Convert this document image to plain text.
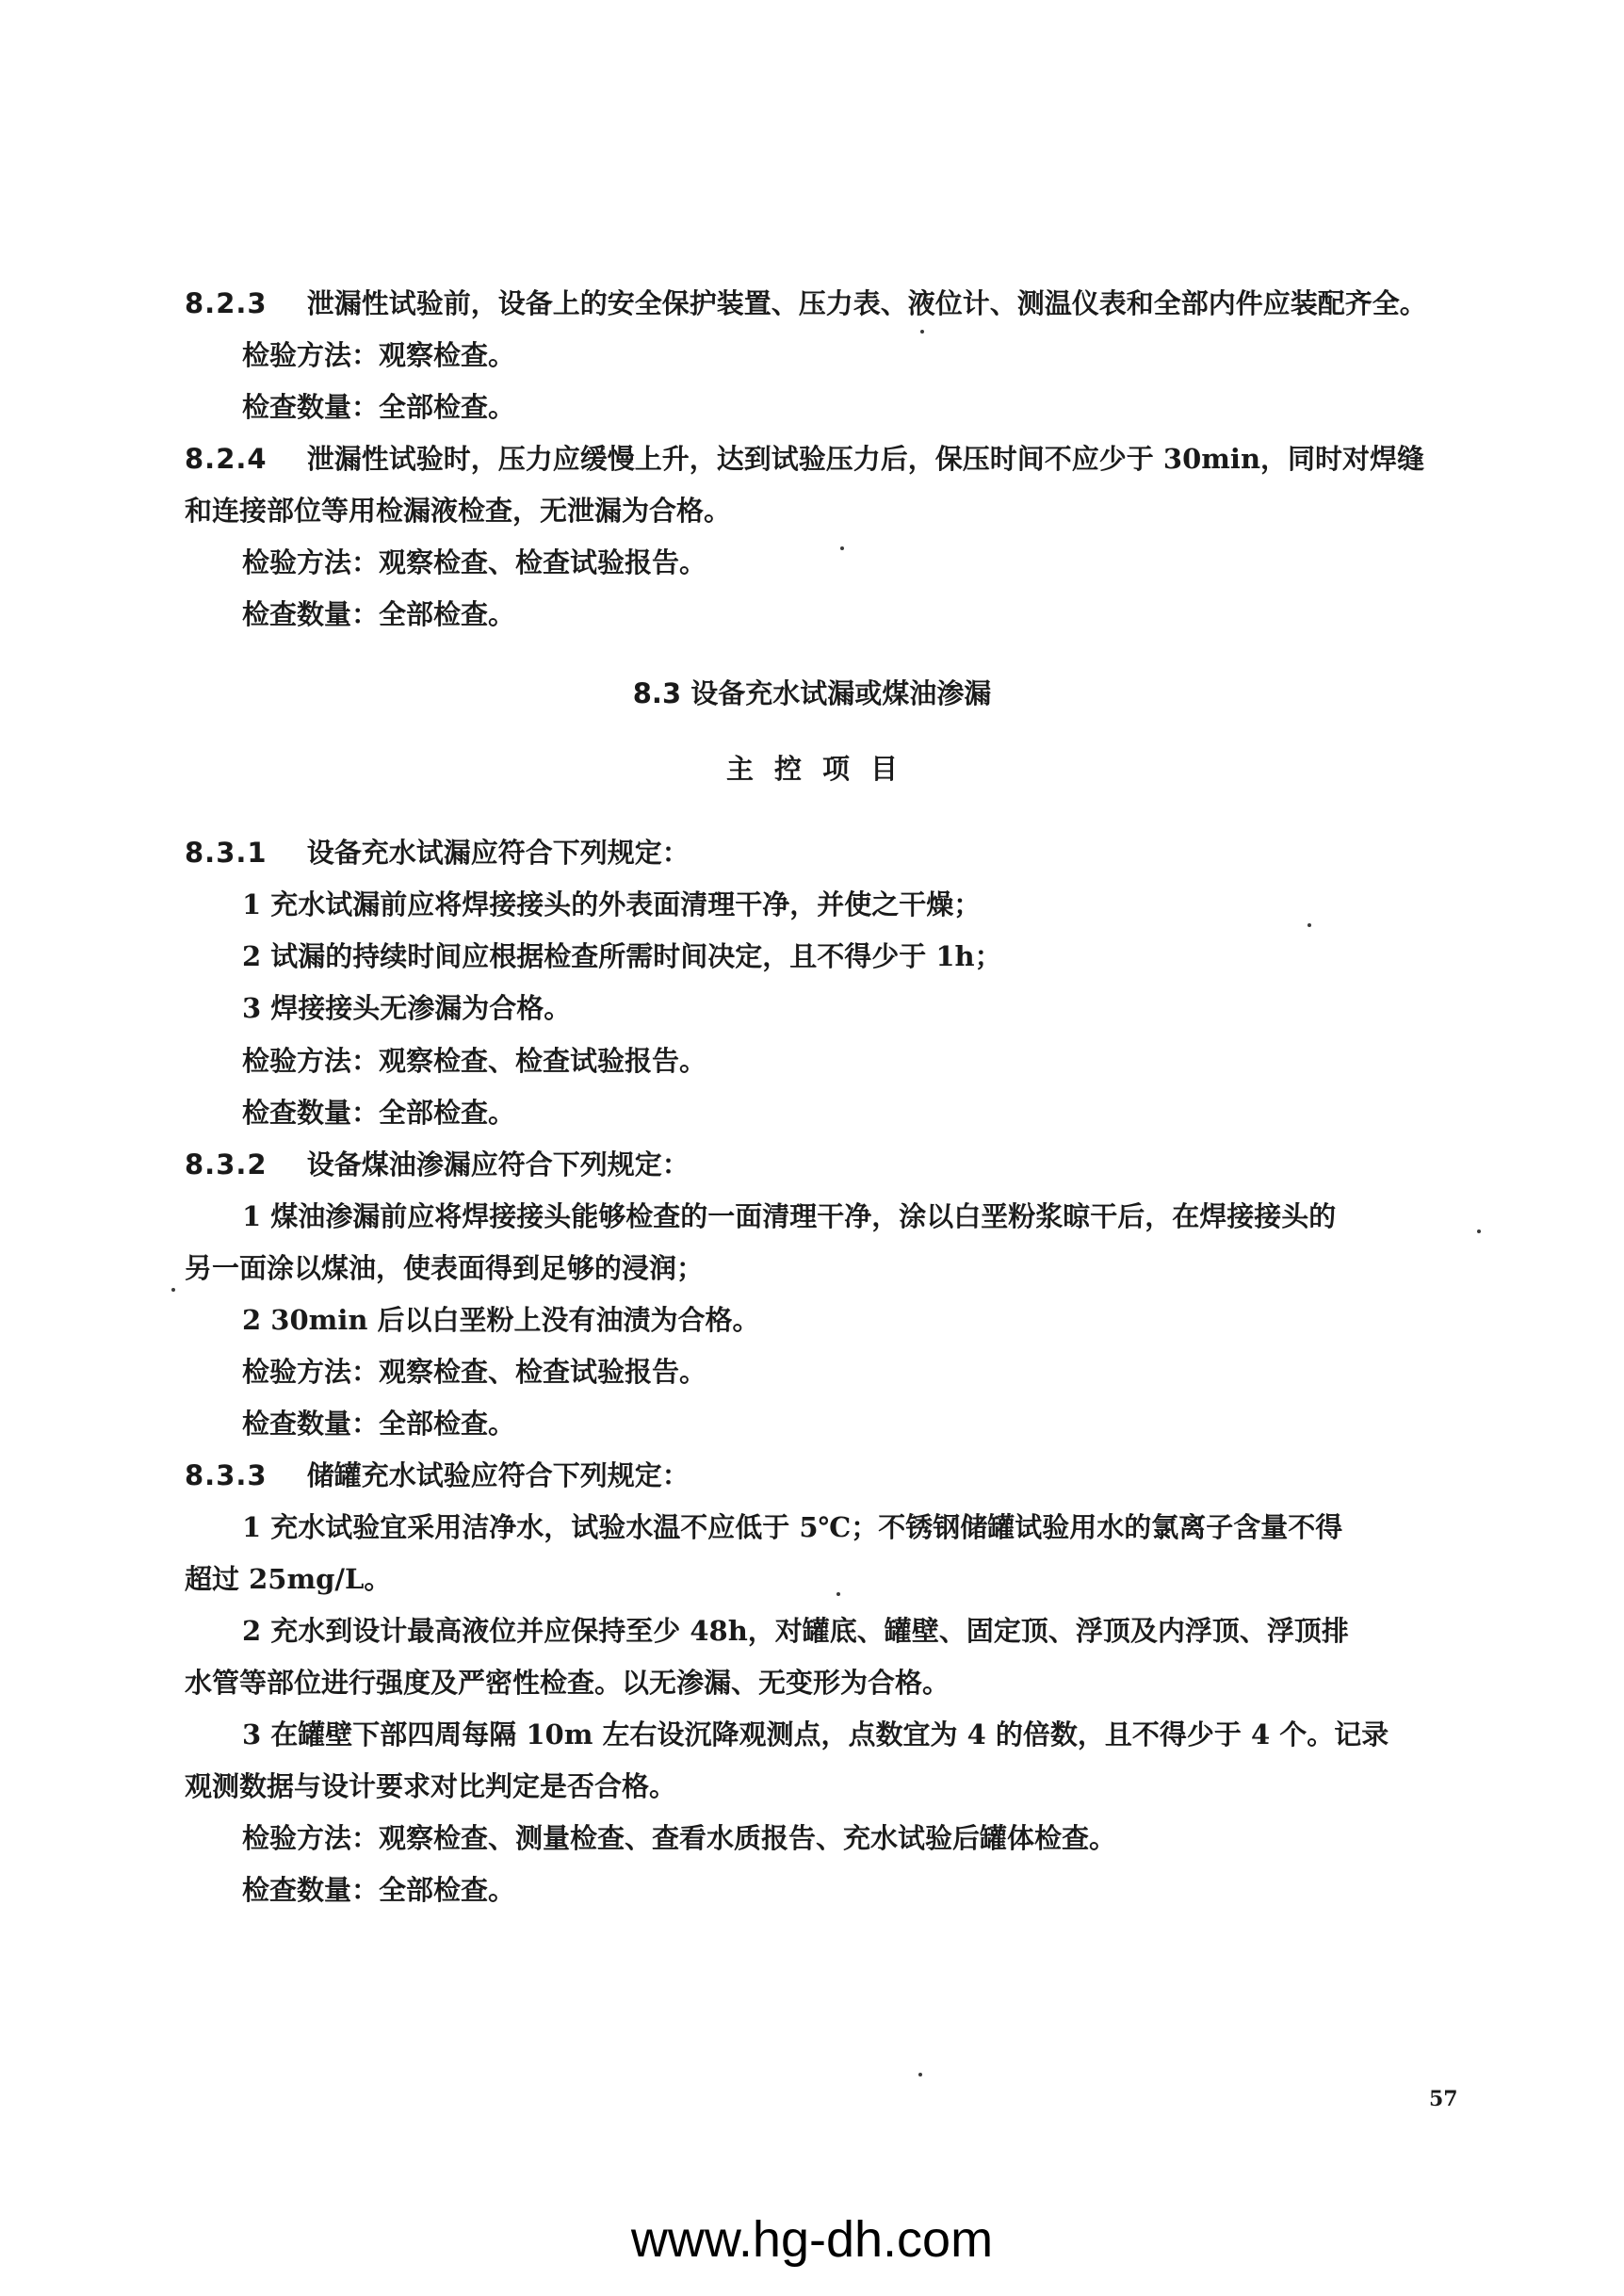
8.2.3 泄漏性试验前，设备上的安全保护装置、压力表、液位计、测温仪表和全部内件应装配齐全。
检验方法：观察检查。
检查数量：全部检查。
8.2.4 泄漏性试验时，压力应缓慢上升，达到试验压力后，保压时间不应少于 30min，同时对焊缝
和连接部位等用检漏液检查，无泄漏为合格。
检验方法：观察检查、检查试验报告。
检查数量：全部检查。
8.3 设备充水试漏或煤油渗漏
主控项目
8.3.1 设备充水试漏应符合下列规定：
1 充水试漏前应将焊接接头的外表面清理干净，并使之干燥；
2 试漏的持续时间应根据检查所需时间决定，且不得少于 1h；
3 焊接接头无渗漏为合格。
检验方法：观察检查、检查试验报告。
检查数量：全部检查。
8.3.2 设备煤油渗漏应符合下列规定：
1 煤油渗漏前应将焊接接头能够检查的一面清理干净，涂以白垩粉浆晾干后，在焊接接头的
另一面涂以煤油，使表面得到足够的浸润；
2 30min 后以白垩粉上没有油渍为合格。
检验方法：观察检查、检查试验报告。
检查数量：全部检查。
8.3.3 储罐充水试验应符合下列规定：
1 充水试验宜采用洁净水，试验水温不应低于 5℃；不锈钢储罐试验用水的氯离子含量不得
超过 25mg/L。
2 充水到设计最高液位并应保持至少 48h，对罐底、罐壁、固定顶、浮顶及内浮顶、浮顶排
水管等部位进行强度及严密性检查。以无渗漏、无变形为合格。
3 在罐壁下部四周每隔 10m 左右设沉降观测点，点数宜为 4 的倍数，且不得少于 4 个。记录
观测数据与设计要求对比判定是否合格。
检验方法：观察检查、测量检查、查看水质报告、充水试验后罐体检查。
检查数量：全部检查。
57
www.hg-dh.com
